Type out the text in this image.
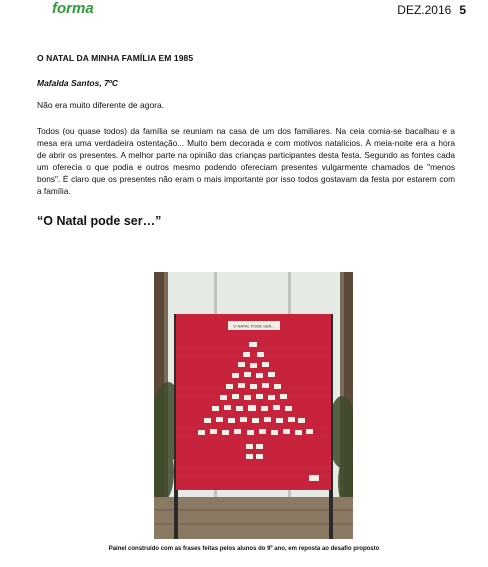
forma	DEZ.2016 5
O NATAL DA MINHA FAMÍLIA EM 1985
Mafalda Santos, 7ºC
Não era muito diferente de agora.
Todos (ou quase todos) da família se reuniam na casa de um dos familiares. Na ceia comia-se bacalhau e a mesa era uma verdadeira ostentação... Muito bem decorada e com motivos natalícios. À meia-noite era a hora de abrir os presentes. A melhor parte na opinião das crianças participantes desta festa. Segundo as fontes cada um oferecia o que podia e outros mesmo podendo ofereciam presentes vulgarmente chamados de "menos bons". É claro que os presentes não eram o mais importante por isso todos gostavam da festa por estarem com a família.
“O Natal pode ser…”
O NATAL PODE SER...
Painel construído com as frases feitas pelos alunos do 9º ano, em reposta ao desafio proposto
